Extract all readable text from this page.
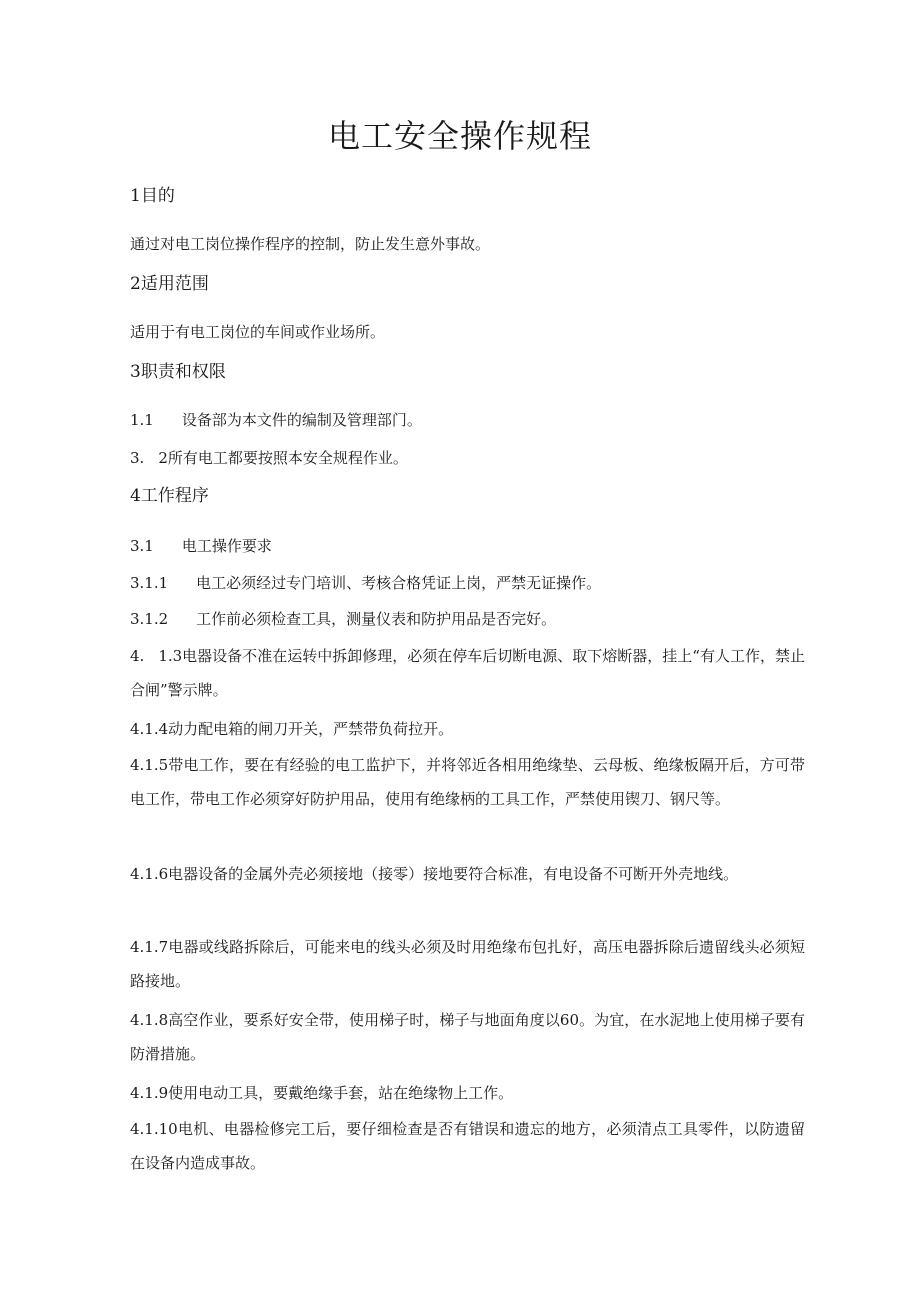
电工安全操作规程
1目的
通过对电工岗位操作程序的控制，防止发生意外事故。
2适用范围
适用于有电工岗位的车间或作业场所。
3职责和权限
1.1 设备部为本文件的编制及管理部门。
3. 2所有电工都要按照本安全规程作业。
4工作程序
3.1 电工操作要求
3.1.1 电工必须经过专门培训、考核合格凭证上岗，严禁无证操作。
3.1.2 工作前必须检查工具，测量仪表和防护用品是否完好。
4. 1.3电器设备不准在运转中拆卸修理，必须在停车后切断电源、取下熔断器，挂上“有人工作，禁止合闸”警示牌。
4.1.4动力配电箱的闸刀开关，严禁带负荷拉开。
4.1.5带电工作，要在有经验的电工监护下，并将邻近各相用绝缘垫、云母板、绝缘板隔开后，方可带电工作，带电工作必须穿好防护用品，使用有绝缘柄的工具工作，严禁使用锲刀、钢尺等。
4.1.6电器设备的金属外壳必须接地（接零）接地要符合标准，有电设备不可断开外壳地线。
4.1.7电器或线路拆除后，可能来电的线头必须及时用绝缘布包扎好，高压电器拆除后遗留线头必须短路接地。
4.1.8高空作业，要系好安全带，使用梯子时，梯子与地面角度以60。为宜，在水泥地上使用梯子要有防滑措施。
4.1.9使用电动工具，要戴绝缘手套，站在绝缘物上工作。
4.1.10电机、电器检修完工后，要仔细检查是否有错误和遗忘的地方，必须清点工具零件，以防遗留在设备内造成事故。
